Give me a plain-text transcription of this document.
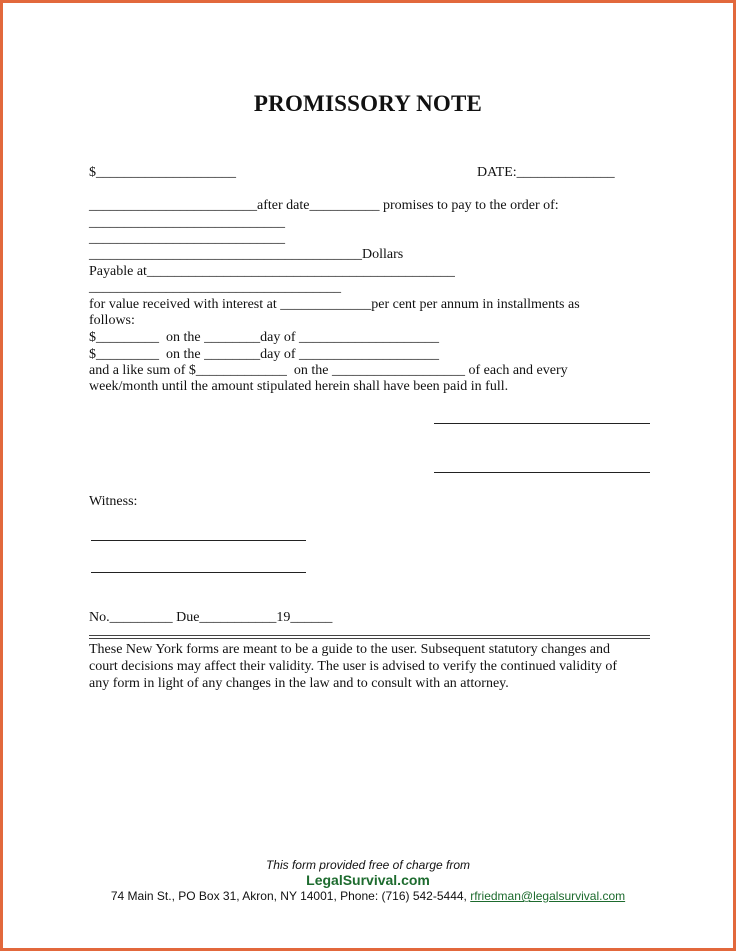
PROMISSORY NOTE
$____________________	DATE:______________
________________________after date__________ promises to pay to the order of:
____________________________
____________________________
_______________________________________Dollars
Payable at____________________________________________
____________________________________
for value received with interest at _____________per cent per annum in installments as
follows:
$_________  on the ________day of ____________________
$_________  on the ________day of ____________________
and a like sum of $_____________  on the ___________________ of each and every
week/month until the amount stipulated herein shall have been paid in full.
Witness:
No._________ Due___________19______
These New York forms are meant to be a guide to the user. Subsequent statutory changes and
court decisions may affect their validity. The user is advised to verify the continued validity of
any form in light of any changes in the law and to consult with an attorney.
This form provided free of charge from
LegalSurvival.com
74 Main St., PO Box 31, Akron, NY 14001, Phone: (716) 542-5444, rfriedman@legalsurvival.com
